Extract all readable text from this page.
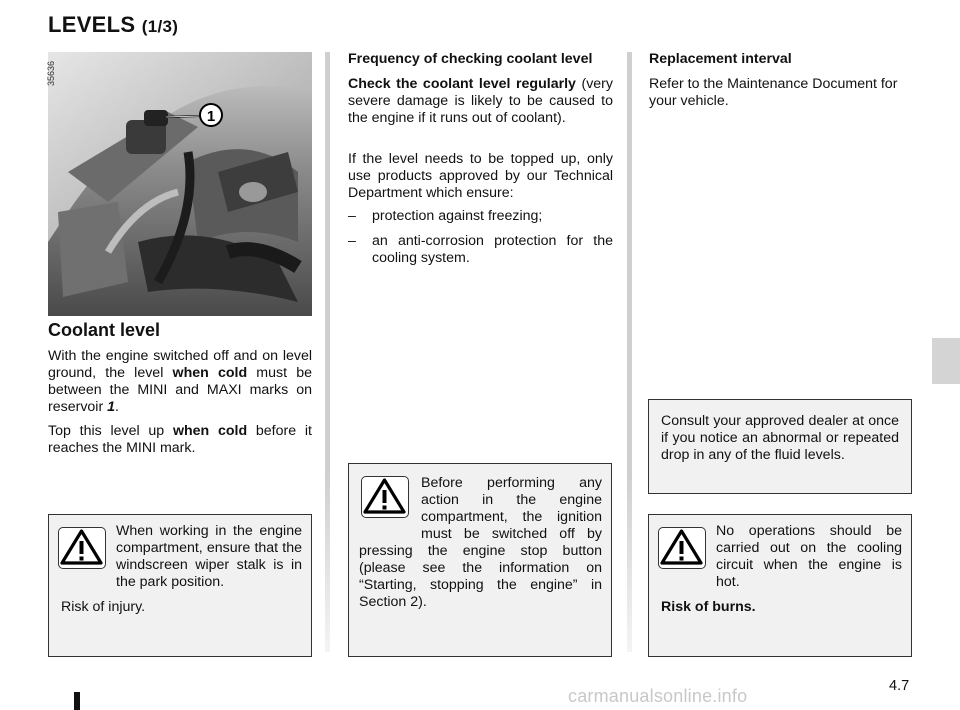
LEVELS (1/3)
1
35636
Coolant level

With the engine switched off and on level ground, the level when cold must be between the MINI and MAXI marks on reservoir 1.

Top this level up when cold before it reaches the MINI mark.

Frequency of checking coolant level

Check the coolant level regularly (very severe damage is likely to be caused to the engine if it runs out of coolant).

If the level needs to be topped up, only use products approved by our Technical Department which ensure:

– protection against freezing;
– an anti-corrosion protection for the cooling system.
Replacement interval

Refer to the Maintenance Document for your vehicle.

Consult your approved dealer at once if you notice an abnormal or repeated drop in any of the fluid levels.

When working in the engine compartment, ensure that the windscreen wiper stalk is in the park position.

Risk of injury.

Before performing any action in the engine compartment, the ignition must be switched off by pressing the engine stop button (please see the information on “Starting, stopping the engine” in Section 2).

No operations should be carried out on the cooling circuit when the engine is hot.

Risk of burns.

4.7
carmanualsonline.info
